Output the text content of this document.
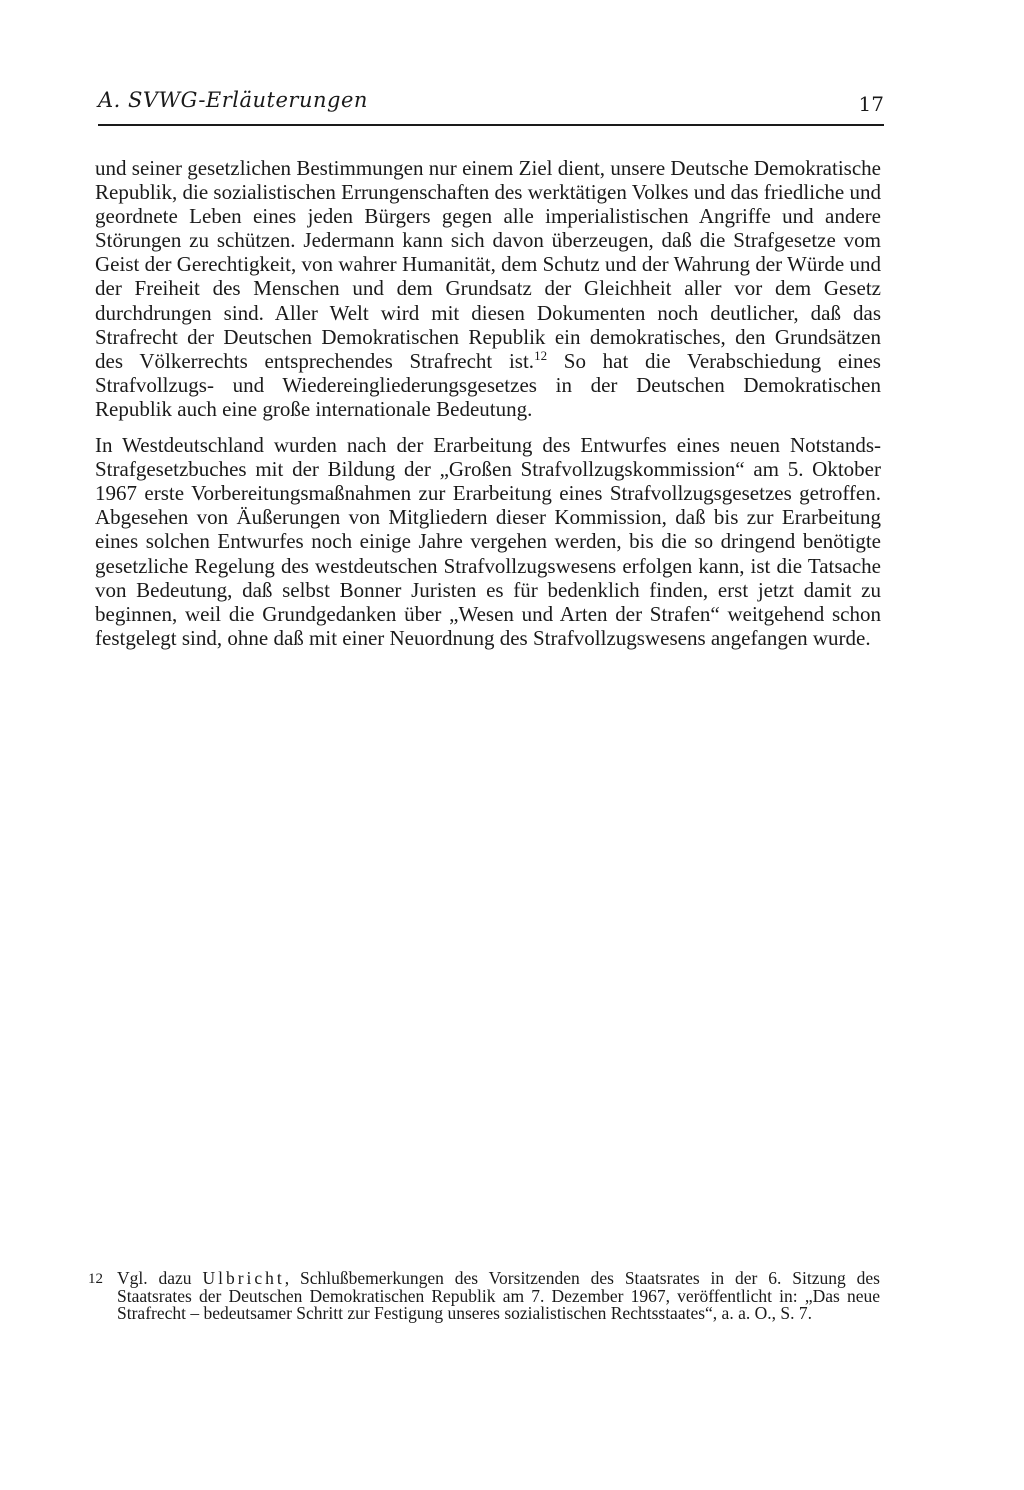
A. SVWG-Erläuterungen	17

und seiner gesetzlichen Bestimmungen nur einem Ziel dient, unsere Deutsche Demokratische Republik, die sozialistischen Errungenschaften des werktätigen Volkes und das friedliche und geordnete Leben eines jeden Bürgers gegen alle imperialistischen Angriffe und andere Störungen zu schützen. Jedermann kann sich davon überzeugen, daß die Strafgesetze vom Geist der Gerechtigkeit, von wahrer Humanität, dem Schutz und der Wahrung der Würde und der Freiheit des Menschen und dem Grundsatz der Gleichheit aller vor dem Gesetz durchdrungen sind. Aller Welt wird mit diesen Dokumenten noch deutlicher, daß das Strafrecht der Deutschen Demokratischen Republik ein demokratisches, den Grundsätzen des Völkerrechts entsprechendes Strafrecht ist.$^{12}$ So hat die Verabschiedung eines Strafvollzugs- und Wiedereingliederungsgesetzes in der Deutschen Demokratischen Republik auch eine große internationale Bedeutung.

In Westdeutschland wurden nach der Erarbeitung des Entwurfes eines neuen Notstands-Strafgesetzbuches mit der Bildung der „Großen Strafvollzugskommission“ am 5. Oktober 1967 erste Vorbereitungsmaßnahmen zur Erarbeitung eines Strafvollzugsgesetzes getroffen. Abgesehen von Äußerungen von Mitgliedern dieser Kommission, daß bis zur Erarbeitung eines solchen Entwurfes noch einige Jahre vergehen werden, bis die so dringend benötigte gesetzliche Regelung des westdeutschen Strafvollzugswesens erfolgen kann, ist die Tatsache von Bedeutung, daß selbst Bonner Juristen es für bedenklich finden, erst jetzt damit zu beginnen, weil die Grundgedanken über „Wesen und Arten der Strafen“ weitgehend schon festgelegt sind, ohne daß mit einer Neuordnung des Strafvollzugswesens angefangen wurde.

12 Vgl. dazu Ulbricht, Schlußbemerkungen des Vorsitzenden des Staatsrates in der 6. Sitzung des Staatsrates der Deutschen Demokratischen Republik am 7. Dezember 1967, veröffentlicht in: „Das neue Strafrecht – bedeutsamer Schritt zur Festigung unseres sozialistischen Rechtsstaates“, a. a. O., S. 7.
